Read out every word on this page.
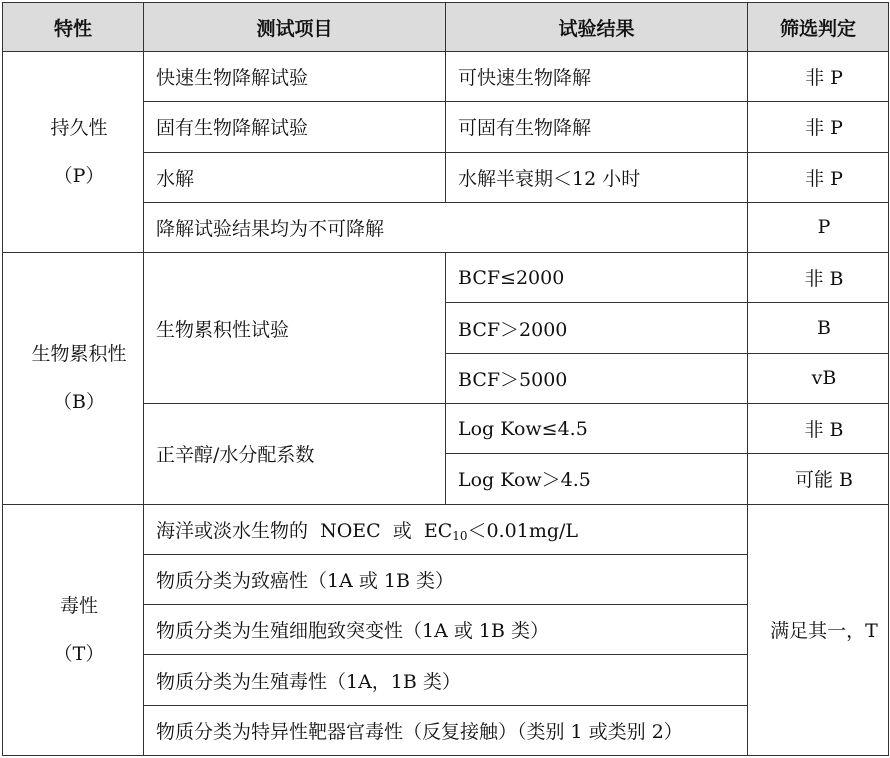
特性	测试项目	试验结果	筛选判定

持久性
（P）	快速生物降解试验	可快速生物降解	非 P
	固有生物降解试验	可固有生物降解	非 P
	水解	水解半衰期＜12 小时	非 P
	降解试验结果均为不可降解		P

生物累积性
（B）	生物累积性试验	BCF≤2000	非 B
		BCF＞2000	B
		BCF＞5000	vB
	正辛醇/水分配系数	Log Kow≤4.5	非 B
		Log Kow＞4.5	可能 B

毒性
（T）	海洋或淡水生物的  NOEC  或  $EC_{10}<0.01mg/L$		满足其一，T
	物质分类为致癌性（1A 或 1B 类）		
	物质分类为生殖细胞致突变性（1A 或 1B 类）		
	物质分类为生殖毒性（1A，1B 类）		
	物质分类为特异性靶器官毒性（反复接触）（类别 1 或类别 2）		
